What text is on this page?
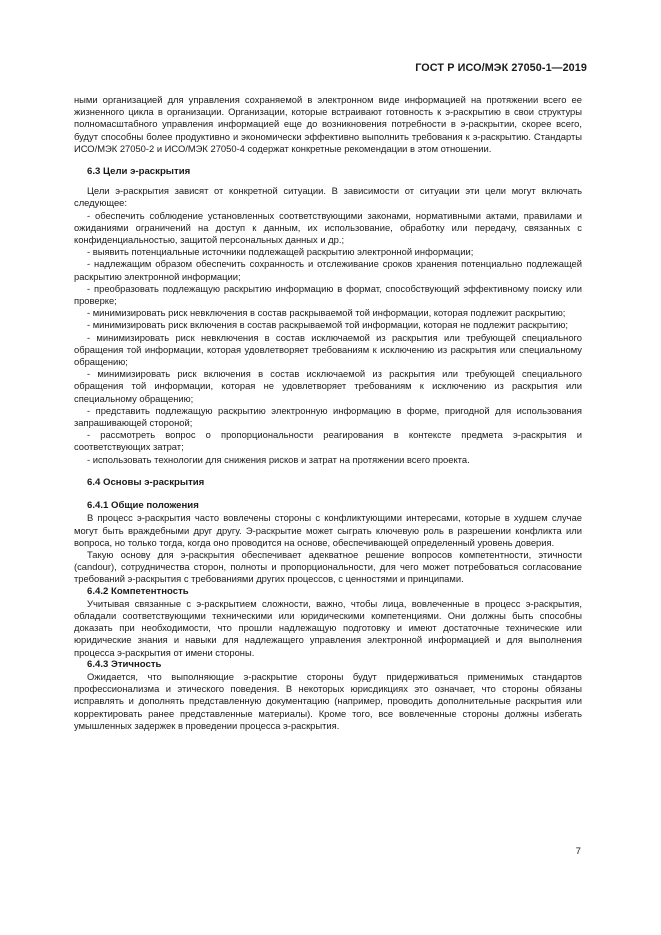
ГОСТ Р ИСО/МЭК 27050-1—2019

ными организацией для управления сохраняемой в электронном виде информацией на протяжении всего ее жизненного цикла в организации. Организации, которые встраивают готовность к э-раскрытию в свои структуры полномасштабного управления информацией еще до возникновения потребности в э-раскрытии, скорее всего, будут способны более продуктивно и экономически эффективно выполнить требования к э-раскрытию. Стандарты ИСО/МЭК 27050-2 и ИСО/МЭК 27050-4 содержат конкретные рекомендации в этом отношении.

6.3 Цели э-раскрытия

Цели э-раскрытия зависят от конкретной ситуации. В зависимости от ситуации эти цели могут включать следующее:

- обеспечить соблюдение установленных соответствующими законами, нормативными актами, правилами и ожиданиями ограничений на доступ к данным, их использование, обработку или передачу, связанных с конфиденциальностью, защитой персональных данных и др.;

- выявить потенциальные источники подлежащей раскрытию электронной информации;

- надлежащим образом обеспечить сохранность и отслеживание сроков хранения потенциально подлежащей раскрытию электронной информации;

- преобразовать подлежащую раскрытию информацию в формат, способствующий эффективному поиску или проверке;

- минимизировать риск невключения в состав раскрываемой той информации, которая подлежит раскрытию;

- минимизировать риск включения в состав раскрываемой той информации, которая не подлежит раскрытию;

- минимизировать риск невключения в состав исключаемой из раскрытия или требующей специального обращения той информации, которая удовлетворяет требованиям к исключению из раскрытия или специальному обращению;

- минимизировать риск включения в состав исключаемой из раскрытия или требующей специального обращения той информации, которая не удовлетворяет требованиям к исключению из раскрытия или специальному обращению;

- представить подлежащую раскрытию электронную информацию в форме, пригодной для использования запрашивающей стороной;

- рассмотреть вопрос о пропорциональности реагирования в контексте предмета э-раскрытия и соответствующих затрат;

- использовать технологии для снижения рисков и затрат на протяжении всего проекта.

6.4 Основы э-раскрытия
6.4.1 Общие положения

В процесс э-раскрытия часто вовлечены стороны с конфликтующими интересами, которые в худшем случае могут быть враждебными друг другу. Э-раскрытие может сыграть ключевую роль в разрешении конфликта или вопроса, но только тогда, когда оно проводится на основе, обеспечивающей определенный уровень доверия.

Такую основу для э-раскрытия обеспечивает адекватное решение вопросов компетентности, этичности (candour), сотрудничества сторон, полноты и пропорциональности, для чего может потребоваться согласование требований э-раскрытия с требованиями других процессов, с ценностями и принципами.

6.4.2 Компетентность

Учитывая связанные с э-раскрытием сложности, важно, чтобы лица, вовлеченные в процесс э-раскрытия, обладали соответствующими техническими или юридическими компетенциями. Они должны быть способны доказать при необходимости, что прошли надлежащую подготовку и имеют достаточные технические или юридические знания и навыки для надлежащего управления электронной информацией и для выполнения процесса э-раскрытия от имени стороны.

6.4.3 Этичность

Ожидается, что выполняющие э-раскрытие стороны будут придерживаться применимых стандартов профессионализма и этического поведения. В некоторых юрисдикциях это означает, что стороны обязаны исправлять и дополнять представленную документацию (например, проводить дополнительные раскрытия или корректировать ранее представленные материалы). Кроме того, все вовлеченные стороны должны избегать умышленных задержек в проведении процесса э-раскрытия.

7
